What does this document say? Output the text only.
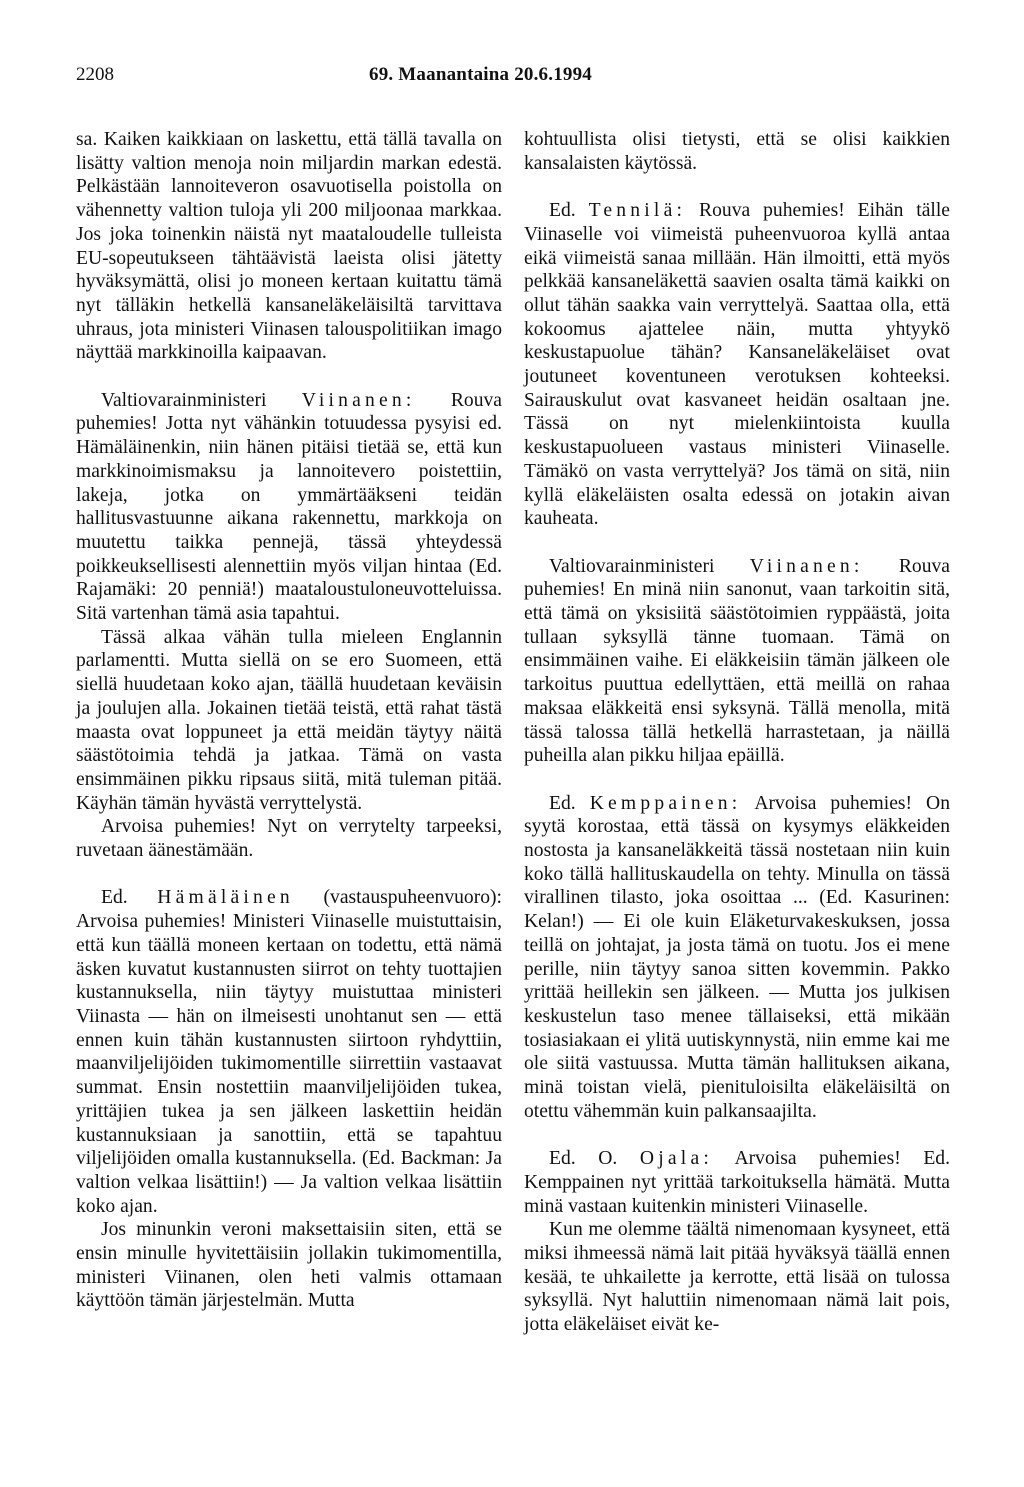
2208	69. Maanantaina 20.6.1994

sa. Kaiken kaikkiaan on laskettu, että tällä tavalla on lisätty valtion menoja noin miljardin markan edestä. Pelkästään lannoiteveron osavuotisella poistolla on vähennetty valtion tuloja yli 200 miljoonaa markkaa. Jos joka toinenkin näistä nyt maataloudelle tulleista EU-sopeutukseen tähtäävistä laeista olisi jätetty hyväksymättä, olisi jo moneen kertaan kuitattu tämä nyt tälläkin hetkellä kansaneläkeläisiltä tarvittava uhraus, jota ministeri Viinasen talouspolitiikan imago näyttää markkinoilla kaipaavan.

Valtiovarainministeri Viinanen: Rouva puhemies! Jotta nyt vähänkin totuudessa pysyisi ed. Hämäläinenkin, niin hänen pitäisi tietää se, että kun markkinoimismaksu ja lannoitevero poistettiin, lakeja, jotka on ymmärtääkseni teidän hallitusvastuunne aikana rakennettu, markkoja on muutettu taikka pennejä, tässä yhteydessä poikkeuksellisesti alennettiin myös viljan hintaa (Ed. Rajamäki: 20 penniä!) maataloustuloneuvotteluissa. Sitä vartenhan tämä asia tapahtui.

Tässä alkaa vähän tulla mieleen Englannin parlamentti. Mutta siellä on se ero Suomeen, että siellä huudetaan koko ajan, täällä huudetaan keväisin ja joulujen alla. Jokainen tietää teistä, että rahat tästä maasta ovat loppuneet ja että meidän täytyy näitä säästötoimia tehdä ja jatkaa. Tämä on vasta ensimmäinen pikku ripsaus siitä, mitä tuleman pitää. Käyhän tämän hyvästä verryttelystä.

Arvoisa puhemies! Nyt on verrytelty tarpeeksi, ruvetaan äänestämään.

Ed. Hämäläinen (vastauspuheenvuoro): Arvoisa puhemies! Ministeri Viinaselle muistuttaisin, että kun täällä moneen kertaan on todettu, että nämä äsken kuvatut kustannusten siirrot on tehty tuottajien kustannuksella, niin täytyy muistuttaa ministeri Viinasta — hän on ilmeisesti unohtanut sen — että ennen kuin tähän kustannusten siirtoon ryhdyttiin, maanviljelijöiden tukimomentille siirrettiin vastaavat summat. Ensin nostettiin maanviljelijöiden tukea, yrittäjien tukea ja sen jälkeen laskettiin heidän kustannuksiaan ja sanottiin, että se tapahtuu viljelijöiden omalla kustannuksella. (Ed. Backman: Ja valtion velkaa lisättiin!) — Ja valtion velkaa lisättiin koko ajan.

Jos minunkin veroni maksettaisiin siten, että se ensin minulle hyvitettäisiin jollakin tukimomentilla, ministeri Viinanen, olen heti valmis ottamaan käyttöön tämän järjestelmän. Mutta

kohtuullista olisi tietysti, että se olisi kaikkien kansalaisten käytössä.

Ed. Tennilä: Rouva puhemies! Eihän tälle Viinaselle voi viimeistä puheenvuoroa kyllä antaa eikä viimeistä sanaa millään. Hän ilmoitti, että myös pelkkää kansaneläkettä saavien osalta tämä kaikki on ollut tähän saakka vain verryttelyä. Saattaa olla, että kokoomus ajattelee näin, mutta yhtyykö keskustapuolue tähän? Kansaneläkeläiset ovat joutuneet koventuneen verotuksen kohteeksi. Sairauskulut ovat kasvaneet heidän osaltaan jne. Tässä on nyt mielenkiintoista kuulla keskustapuolueen vastaus ministeri Viinaselle. Tämäkö on vasta verryttelyä? Jos tämä on sitä, niin kyllä eläkeläisten osalta edessä on jotakin aivan kauheata.

Valtiovarainministeri Viinanen: Rouva puhemies! En minä niin sanonut, vaan tarkoitin sitä, että tämä on yksisiitä säästötoimien ryppäästä, joita tullaan syksyllä tänne tuomaan. Tämä on ensimmäinen vaihe. Ei eläkkeisiin tämän jälkeen ole tarkoitus puuttua edellyttäen, että meillä on rahaa maksaa eläkkeitä ensi syksynä. Tällä menolla, mitä tässä talossa tällä hetkellä harrastetaan, ja näillä puheilla alan pikku hiljaa epäillä.

Ed. Kemppainen: Arvoisa puhemies! On syytä korostaa, että tässä on kysymys eläkkeiden nostosta ja kansaneläkkeitä tässä nostetaan niin kuin koko tällä hallituskaudella on tehty. Minulla on tässä virallinen tilasto, joka osoittaa ... (Ed. Kasurinen: Kelan!) — Ei ole kuin Eläketurvakeskuksen, jossa teillä on johtajat, ja josta tämä on tuotu. Jos ei mene perille, niin täytyy sanoa sitten kovemmin. Pakko yrittää heillekin sen jälkeen. — Mutta jos julkisen keskustelun taso menee tällaiseksi, että mikään tosiasiakaan ei ylitä uutiskynnystä, niin emme kai me ole siitä vastuussa. Mutta tämän hallituksen aikana, minä toistan vielä, pienituloisilta eläkeläisiltä on otettu vähemmän kuin palkansaajilta.

Ed. O. Ojala: Arvoisa puhemies! Ed. Kemppainen nyt yrittää tarkoituksella hämätä. Mutta minä vastaan kuitenkin ministeri Viinaselle.

Kun me olemme täältä nimenomaan kysyneet, että miksi ihmeessä nämä lait pitää hyväksyä täällä ennen kesää, te uhkailette ja kerrotte, että lisää on tulossa syksyllä. Nyt haluttiin nimenomaan nämä lait pois, jotta eläkeläiset eivät ke-
